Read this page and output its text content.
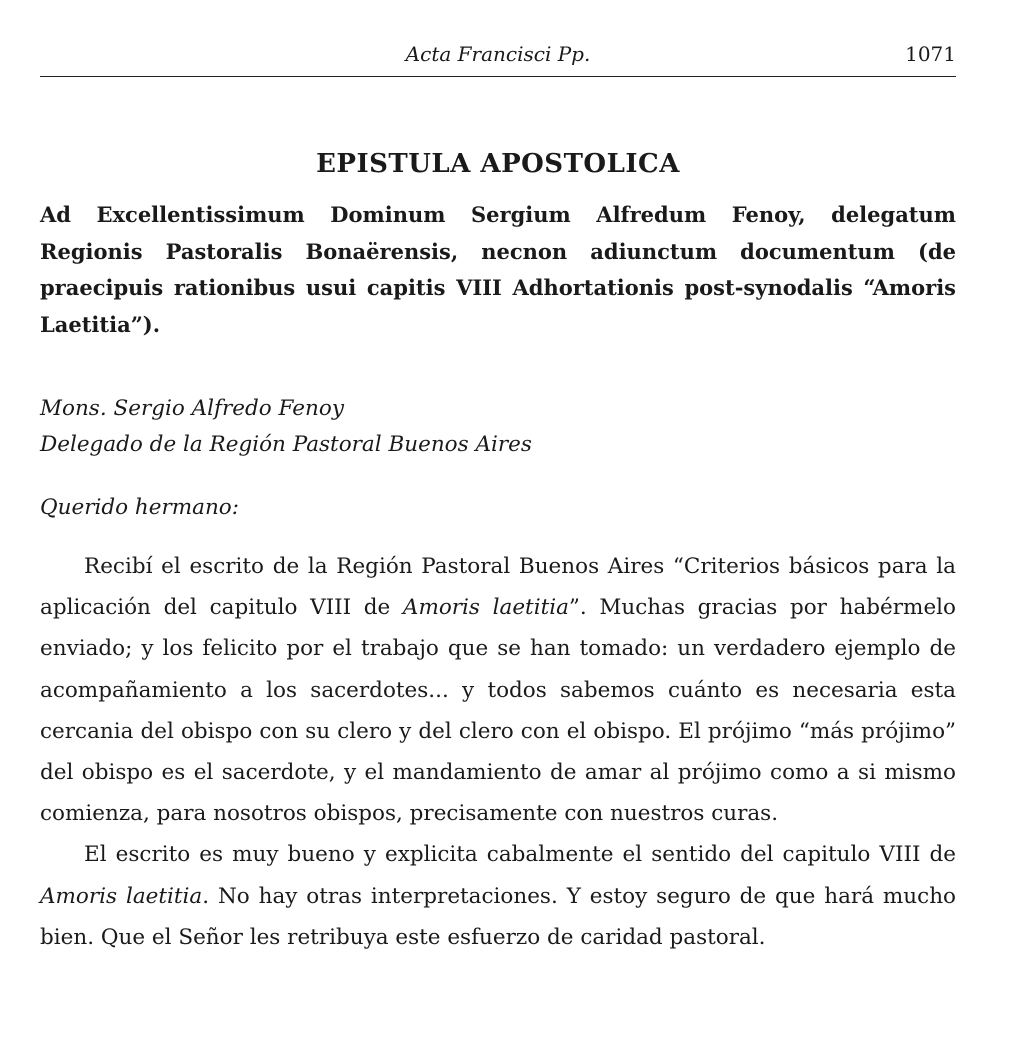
Acta Francisci Pp.	1071
EPISTULA APOSTOLICA
Ad Excellentissimum Dominum Sergium Alfredum Fenoy, delegatum Regionis Pastoralis Bonaërensis, necnon adiunctum documentum (de praecipuis rationibus usui capitis VIII Adhortationis post-synodalis “Amoris Laetitia”).
Mons. Sergio Alfredo Fenoy
Delegado de la Región Pastoral Buenos Aires
Querido hermano:

Recibí el escrito de la Región Pastoral Buenos Aires “Criterios básicos para la aplicación del capitulo VIII de Amoris laetitia”. Muchas gracias por habérmelo enviado; y los felicito por el trabajo que se han tomado: un verdadero ejemplo de acompañamiento a los sacerdotes... y todos sabemos cuánto es necesaria esta cercania del obispo con su clero y del clero con el obispo. El prójimo “más prójimo” del obispo es el sacerdote, y el mandamiento de amar al prójimo como a si mismo comienza, para nosotros obispos, precisamente con nuestros curas.

El escrito es muy bueno y explicita cabalmente el sentido del capitulo VIII de Amoris laetitia. No hay otras interpretaciones. Y estoy seguro de que hará mucho bien. Que el Señor les retribuya este esfuerzo de caridad pastoral.
